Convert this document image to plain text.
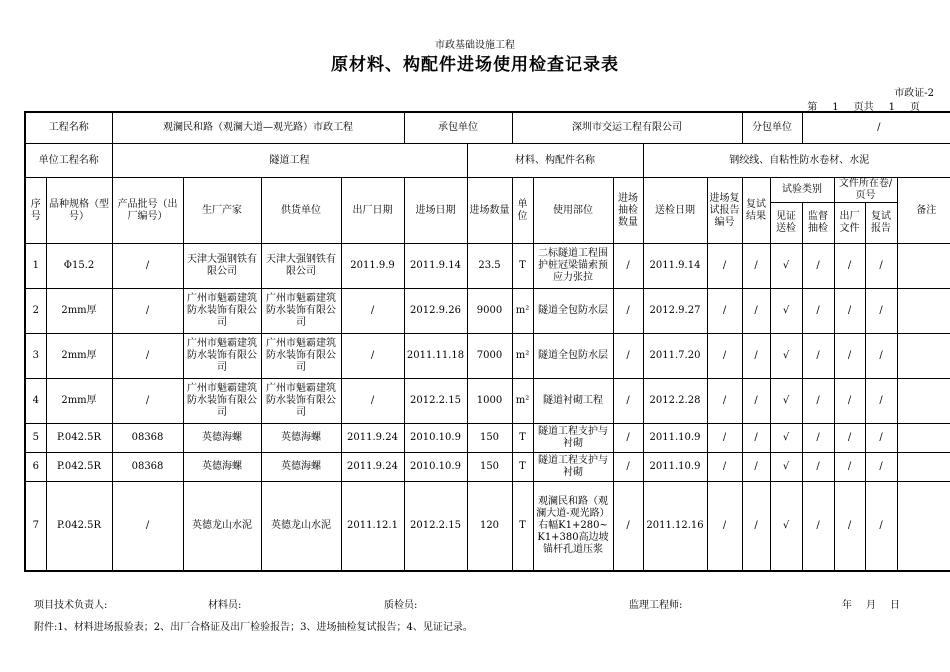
市政基础设施工程
原材料、构配件进场使用检查记录表
市政证-2
第 1 页共 1 页
工程名称		观澜民和路（观澜大道—观光路）市政工程				承包单位		深圳市交运工程有限公司					分包单位		/			
单位工程名称		隧道工程					材料、构配件名称				钢绞线、自粘性防水卷材、水泥							
序号	品种规格（型号）	产品批号（出厂编号）	生厂产家	供货单位	出厂日期	进场日期	进场数量	单位	使用部位	进场抽检数量	送检日期	进场复试报告编号	复试结果	试验类别		文件所在卷/页号		备注
														见证送检	监督抽检	出厂文件	复试报告	
1	Φ15.2	/	天津大强钢铁有限公司	天津大强钢铁有限公司	2011.9.9	2011.9.14	23.5	T	二标隧道工程围护桩冠梁锚索预应力张拉	/	2011.9.14	/	/	√	/	/	/	
2	2mm厚	/	广州市魁霸建筑防水装饰有限公司	广州市魁霸建筑防水装饰有限公司	/	2012.9.26	9000	m²	隧道全包防水层	/	2012.9.27	/	/	√	/	/	/	
3	2mm厚	/	广州市魁霸建筑防水装饰有限公司	广州市魁霸建筑防水装饰有限公司	/	2011.11.18	7000	m²	隧道全包防水层	/	2011.7.20	/	/	√	/	/	/	
4	2mm厚	/	广州市魁霸建筑防水装饰有限公司	广州市魁霸建筑防水装饰有限公司	/	2012.2.15	1000	m²	隧道衬砌工程	/	2012.2.28	/	/	√	/	/	/	
5	P.042.5R	08368	英德海螺	英德海螺	2011.9.24	2010.10.9	150	T	隧道工程支护与衬砌	/	2011.10.9	/	/	√	/	/	/	
6	P.042.5R	08368	英德海螺	英德海螺	2011.9.24	2010.10.9	150	T	隧道工程支护与衬砌	/	2011.10.9	/	/	√	/	/	/	
7	P.042.5R	/	英德龙山水泥	英德龙山水泥	2011.12.1	2012.2.15	120	T	观澜民和路（观澜大道-观光路）右幅K1+280~K1+380高边坡锚杆孔道压浆	/	2011.12.16	/	/	√	/	/	/	
项目技术负责人:	材料员:	质检员:	监理工程师:	年 月 日
附件:1、材料进场报验表；2、出厂合格证及出厂检验报告；3、进场抽检复试报告；4、见证记录。
